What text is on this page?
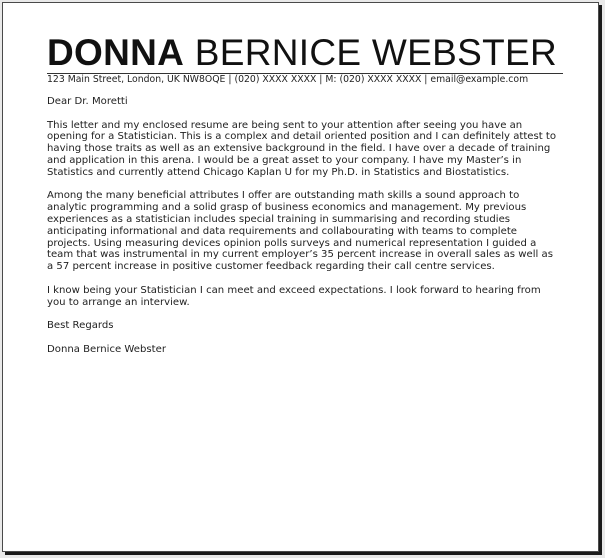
DONNA BERNICE WEBSTER
123 Main Street, London, UK NW8OQE | (020) XXXX XXXX | M: (020) XXXX XXXX | email@example.com

Dear Dr. Moretti

This letter and my enclosed resume are being sent to your attention after seeing you have an opening for a Statistician. This is a complex and detail oriented position and I can definitely attest to having those traits as well as an extensive background in the field. I have over a decade of training and application in this arena. I would be a great asset to your company. I have my Master’s in Statistics and currently attend Chicago Kaplan U for my Ph.D. in Statistics and Biostatistics.

Among the many beneficial attributes I offer are outstanding math skills a sound approach to analytic programming and a solid grasp of business economics and management. My previous experiences as a statistician includes special training in summarising and recording studies anticipating informational and data requirements and collabourating with teams to complete projects. Using measuring devices opinion polls surveys and numerical representation I guided a team that was instrumental in my current employer’s 35 percent increase in overall sales as well as a 57 percent increase in positive customer feedback regarding their call centre services.

I know being your Statistician I can meet and exceed expectations. I look forward to hearing from you to arrange an interview.

Best Regards

Donna Bernice Webster
